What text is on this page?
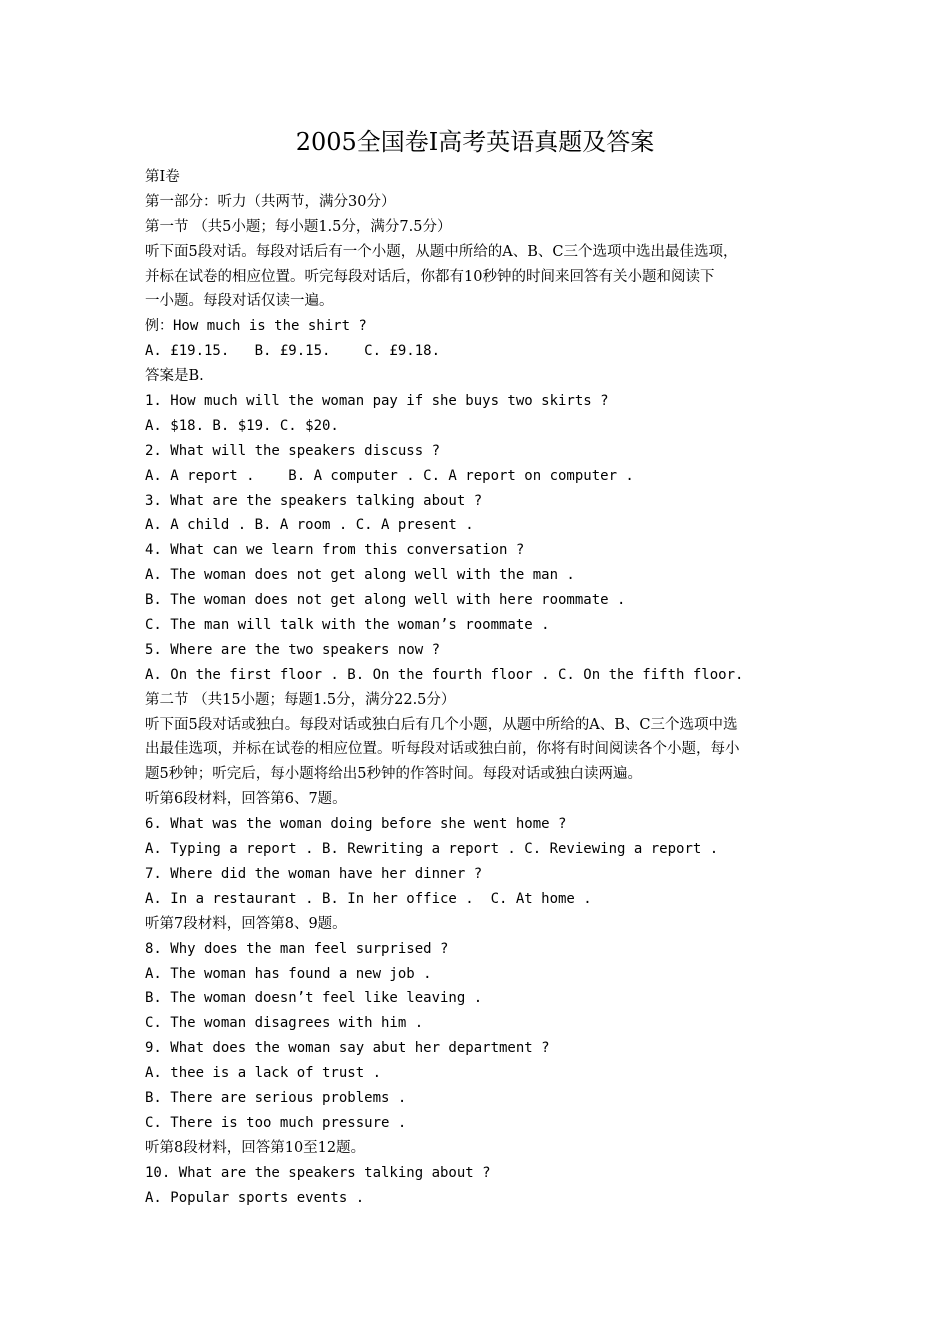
2005全国卷Ⅰ高考英语真题及答案
第Ⅰ卷
第一部分：听力（共两节，满分30分）
第一节 （共5小题；每小题1.5分，满分7.5分）
听下面5段对话。每段对话后有一个小题，从题中所给的A、B、C三个选项中选出最佳选项，
并标在试卷的相应位置。听完每段对话后，你都有10秒钟的时间来回答有关小题和阅读下
一小题。每段对话仅读一遍。
例：How much is the shirt ?
A. £19.15.   B. £9.15.    C. £9.18.
答案是B.
1. How much will the woman pay if she buys two skirts ?
A. $18. B. $19. C. $20.
2. What will the speakers discuss ?
A. A report .    B. A computer . C. A report on computer .
3. What are the speakers talking about ?
A. A child . B. A room . C. A present .
4. What can we learn from this conversation ?
A. The woman does not get along well with the man .
B. The woman does not get along well with here roommate .
C. The man will talk with the woman’s roommate .
5. Where are the two speakers now ?
A. On the first floor . B. On the fourth floor . C. On the fifth floor.
第二节 （共15小题；每题1.5分，满分22.5分）
听下面5段对话或独白。每段对话或独白后有几个小题，从题中所给的A、B、C三个选项中选
出最佳选项，并标在试卷的相应位置。听每段对话或独白前，你将有时间阅读各个小题，每小
题5秒钟；听完后，每小题将给出5秒钟的作答时间。每段对话或独白读两遍。
听第6段材料，回答第6、7题。
6. What was the woman doing before she went home ?
A. Typing a report . B. Rewriting a report . C. Reviewing a report .
7. Where did the woman have her dinner ?
A. In a restaurant . B. In her office .  C. At home .
听第7段材料，回答第8、9题。
8. Why does the man feel surprised ?
A. The woman has found a new job .
B. The woman doesn’t feel like leaving .
C. The woman disagrees with him .
9. What does the woman say abut her department ?
A. thee is a lack of trust .
B. There are serious problems .
C. There is too much pressure .
听第8段材料，回答第10至12题。
10. What are the speakers talking about ?
A. Popular sports events .
